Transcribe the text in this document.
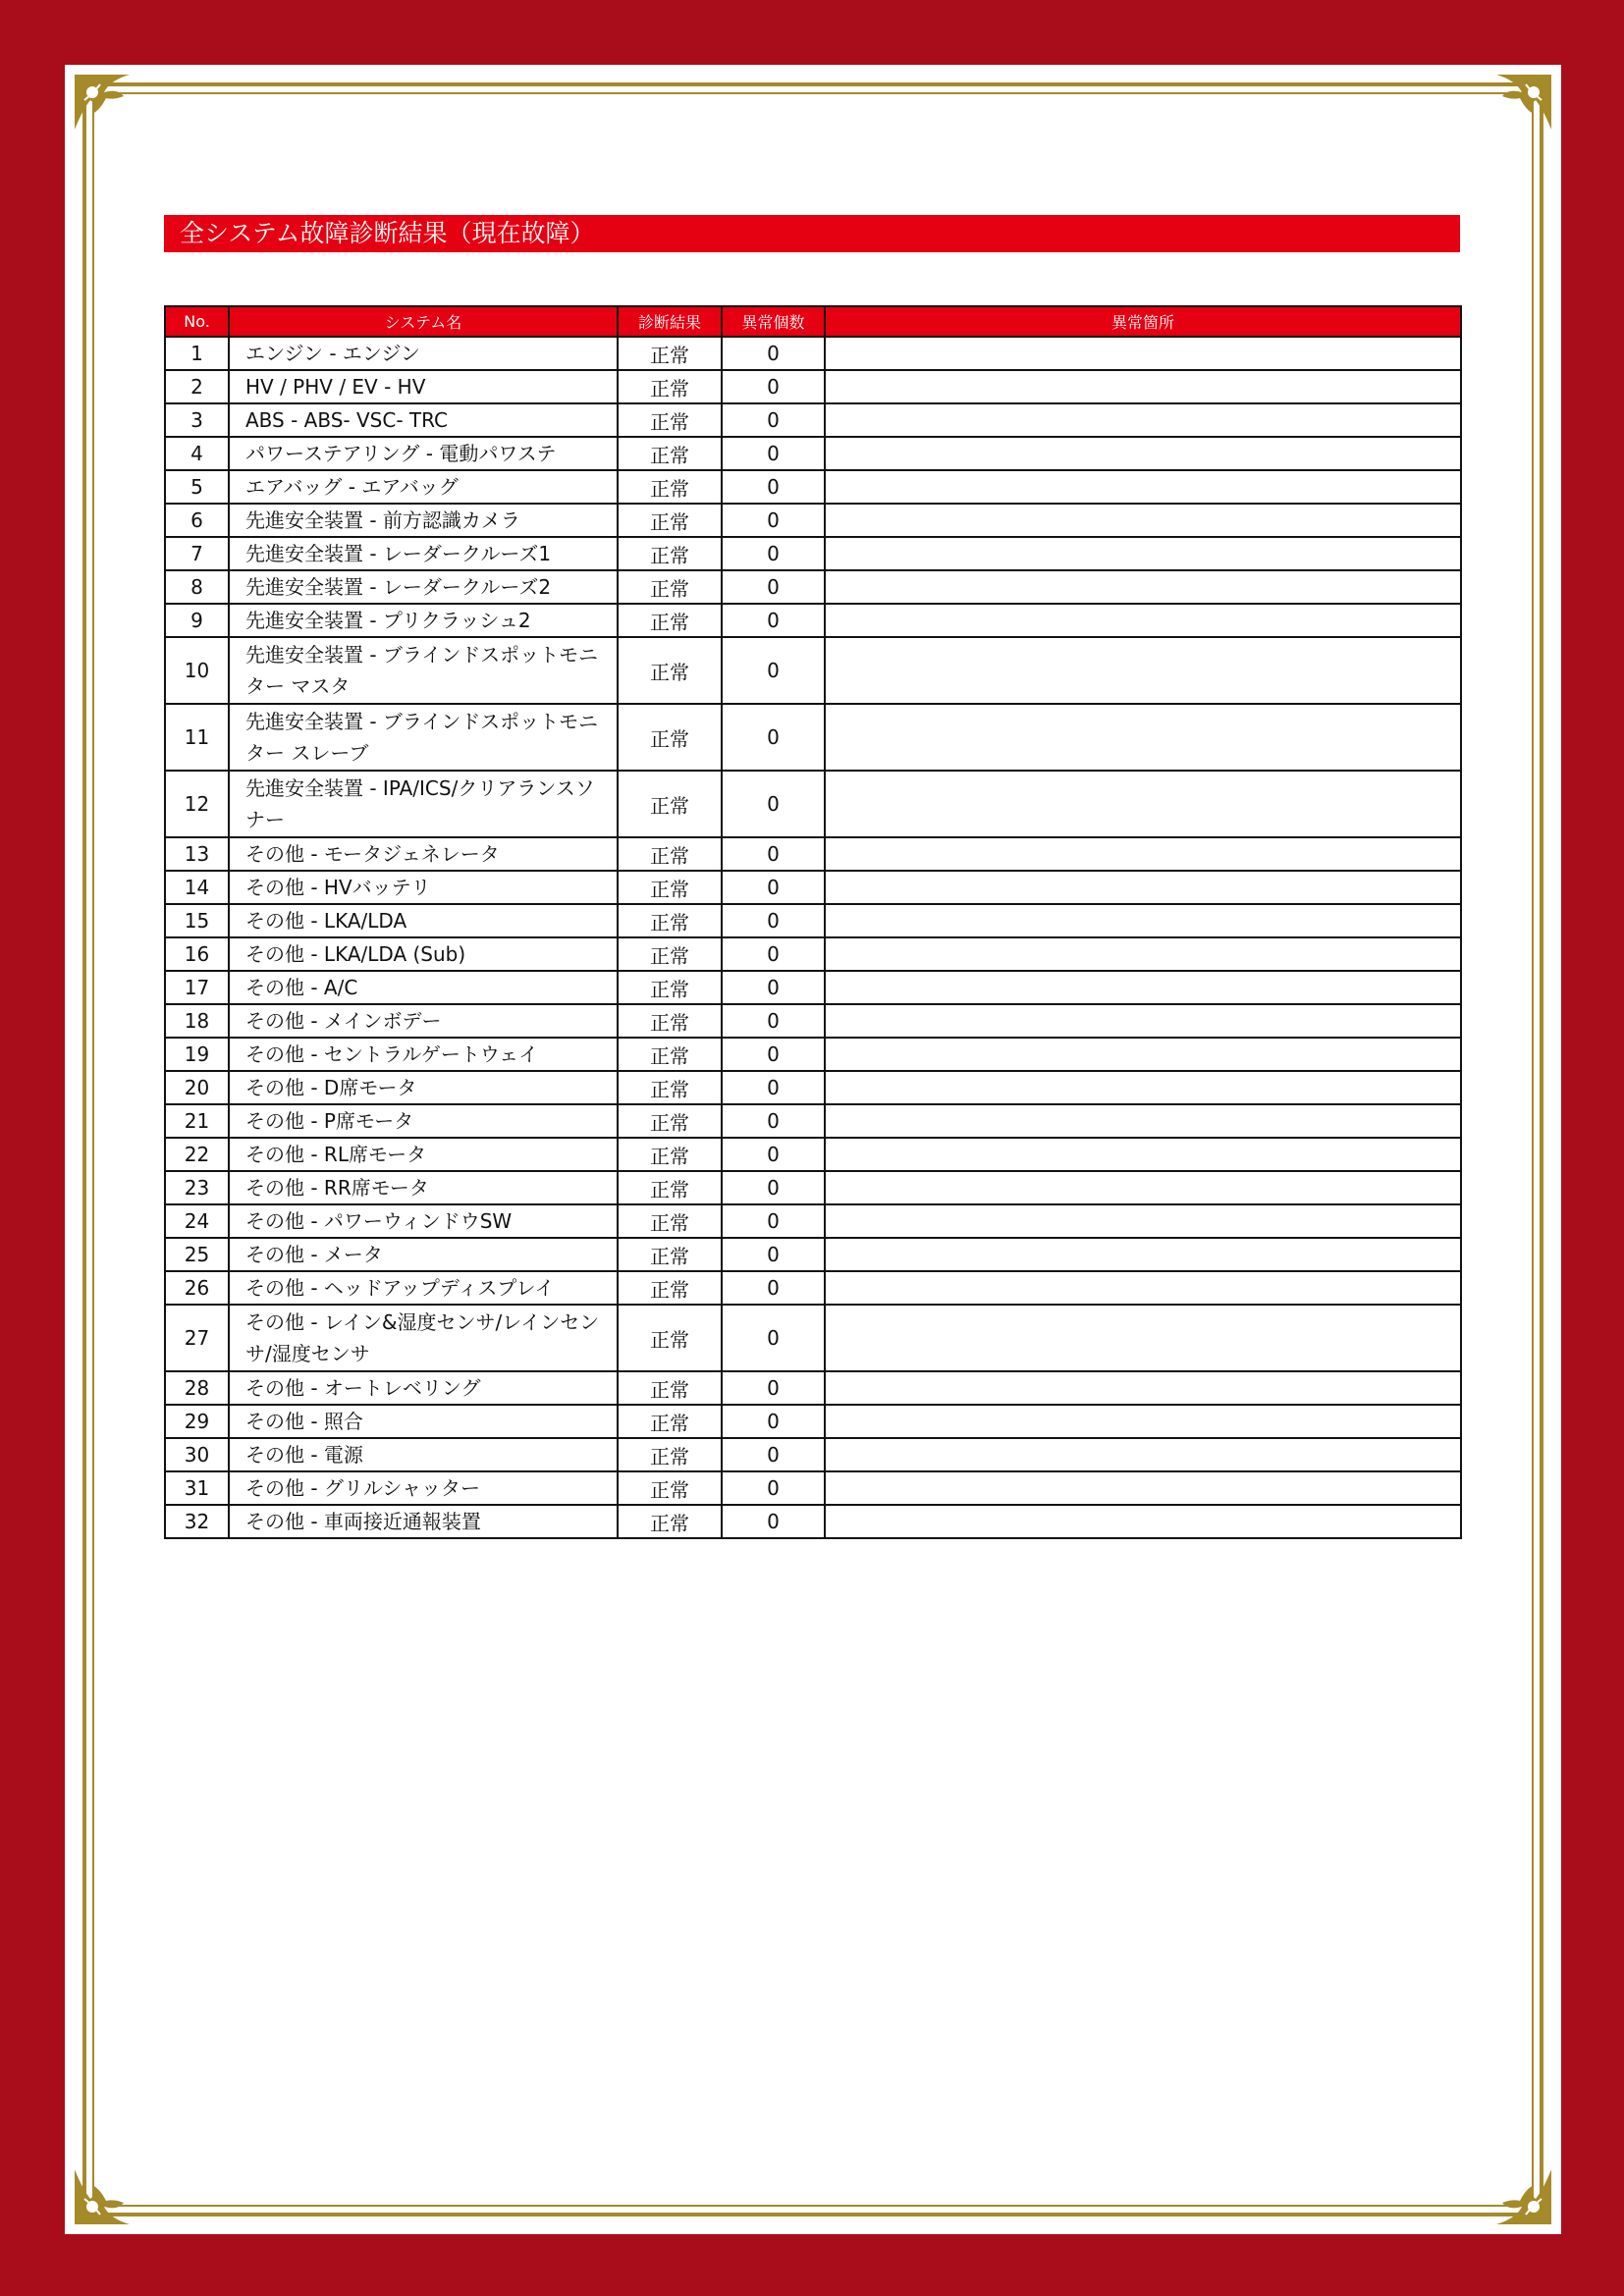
全システム故障診断結果（現在故障）
No.	システム名	診断結果	異常個数	異常箇所
1	エンジン - エンジン	正常	0	
2	HV / PHV / EV - HV	正常	0	
3	ABS - ABS- VSC- TRC	正常	0	
4	パワーステアリング - 電動パワステ	正常	0	
5	エアバッグ - エアバッグ	正常	0	
6	先進安全装置 - 前方認識カメラ	正常	0	
7	先進安全装置 - レーダークルーズ1	正常	0	
8	先進安全装置 - レーダークルーズ2	正常	0	
9	先進安全装置 - プリクラッシュ2	正常	0	
10	先進安全装置 - ブラインドスポットモニター マスタ	正常	0	
11	先進安全装置 - ブラインドスポットモニター スレーブ	正常	0	
12	先進安全装置 - IPA/ICS/クリアランスソナー	正常	0	
13	その他 - モータジェネレータ	正常	0	
14	その他 - HVバッテリ	正常	0	
15	その他 - LKA/LDA	正常	0	
16	その他 - LKA/LDA (Sub)	正常	0	
17	その他 - A/C	正常	0	
18	その他 - メインボデー	正常	0	
19	その他 - セントラルゲートウェイ	正常	0	
20	その他 - D席モータ	正常	0	
21	その他 - P席モータ	正常	0	
22	その他 - RL席モータ	正常	0	
23	その他 - RR席モータ	正常	0	
24	その他 - パワーウィンドウSW	正常	0	
25	その他 - メータ	正常	0	
26	その他 - ヘッドアップディスプレイ	正常	0	
27	その他 - レイン&湿度センサ/レインセンサ/湿度センサ	正常	0	
28	その他 - オートレベリング	正常	0	
29	その他 - 照合	正常	0	
30	その他 - 電源	正常	0	
31	その他 - グリルシャッター	正常	0	
32	その他 - 車両接近通報装置	正常	0	
